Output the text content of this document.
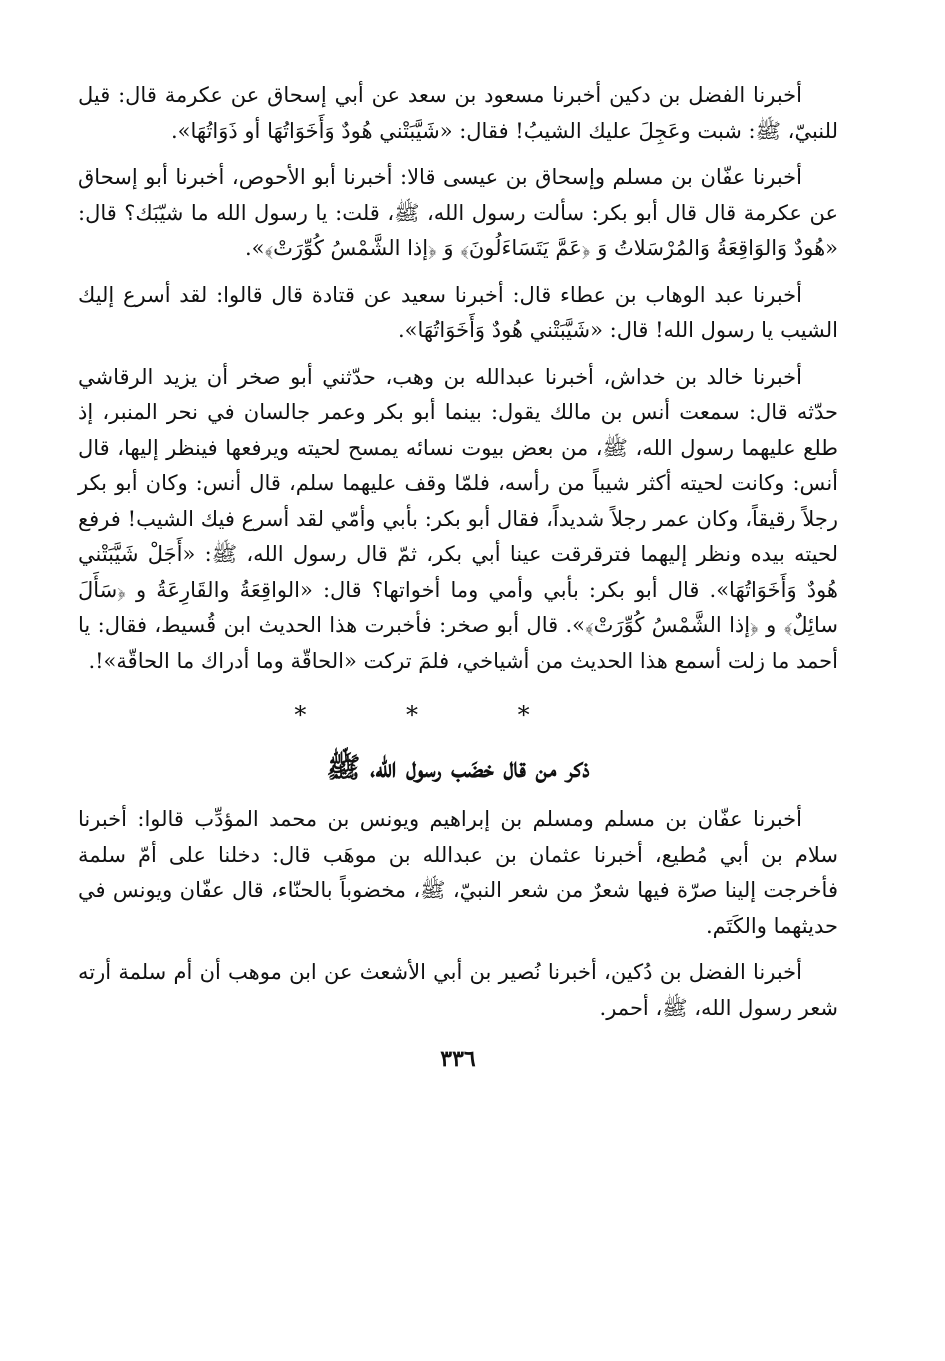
أخبرنا الفضل بن دكين أخبرنا مسعود بن سعد عن أبي إسحاق عن عكرمة قال: قيل للنبيّ، ﷺ: شبت وعَجِلَ عليك الشيبُ! فقال: «شَيَّبَتْني هُودٌ وَأَخَوَاتُهَا أو ذَوَاتُهَا».

أخبرنا عفّان بن مسلم وإسحاق بن عيسى قالا: أخبرنا أبو الأحوص، أخبرنا أبو إسحاق عن عكرمة قال قال أبو بكر: سألت رسول الله، ﷺ، قلت: يا رسول الله ما شيّبَك؟ قال: «هُودٌ وَالوَاقِعَةُ وَالمُرْسَلاتُ وَ ﴿عَمَّ يَتَسَاءَلُونَ﴾ وَ ﴿إذا الشَّمْسُ كُوِّرَتْ﴾».

أخبرنا عبد الوهاب بن عطاء قال: أخبرنا سعيد عن قتادة قال قالوا: لقد أسرع إليك الشيب يا رسول الله! قال: «شَيَّبَتْني هُودٌ وَأَخَوَاتُهَا».

أخبرنا خالد بن خداش، أخبرنا عبدالله بن وهب، حدّثني أبو صخر أن يزيد الرقاشي حدّثه قال: سمعت أنس بن مالك يقول: بينما أبو بكر وعمر جالسان في نحر المنبر، إذ طلع عليهما رسول الله، ﷺ، من بعض بيوت نسائه يمسح لحيته ويرفعها فينظر إليها، قال أنس: وكانت لحيته أكثر شيباً من رأسه، فلمّا وقف عليهما سلم، قال أنس: وكان أبو بكر رجلاً رقيقاً، وكان عمر رجلاً شديداً، فقال أبو بكر: بأبي وأمّي لقد أسرع فيك الشيب! فرفع لحيته بيده ونظر إليهما فترقرقت عينا أبي بكر، ثمّ قال رسول الله، ﷺ: «أَجَلْ شَيَّبَتْني هُودٌ وَأَخَوَاتُهَا». قال أبو بكر: بأبي وأمي وما أخواتها؟ قال: «الواقِعَةُ والقَارِعَةُ و ﴿سَأَلَ سائِلٌ﴾ و ﴿إذا الشَّمْسُ كُوِّرَتْ﴾». قال أبو صخر: فأخبرت هذا الحديث ابن قُسيط، فقال: يا أحمد ما زلت أسمع هذا الحديث من أشياخي، فلمَ تركت «الحاقّة وما أدراك ما الحاقّة»!.

* * *
ذكر من قال خضَب رسول الله، ﷺ

أخبرنا عفّان بن مسلم ومسلم بن إبراهيم ويونس بن محمد المؤدِّب قالوا: أخبرنا سلام بن أبي مُطيع، أخبرنا عثمان بن عبدالله بن موهَب قال: دخلنا على أمّ سلمة فأخرجت إلينا صرّة فيها شعرٌ من شعر النبيّ، ﷺ، مخضوباً بالحنّاء، قال عفّان ويونس في حديثهما والكَتَم.

أخبرنا الفضل بن دُكين، أخبرنا نُصير بن أبي الأشعث عن ابن موهب أن أم سلمة أرته شعر رسول الله، ﷺ، أحمر.

٣٣٦
